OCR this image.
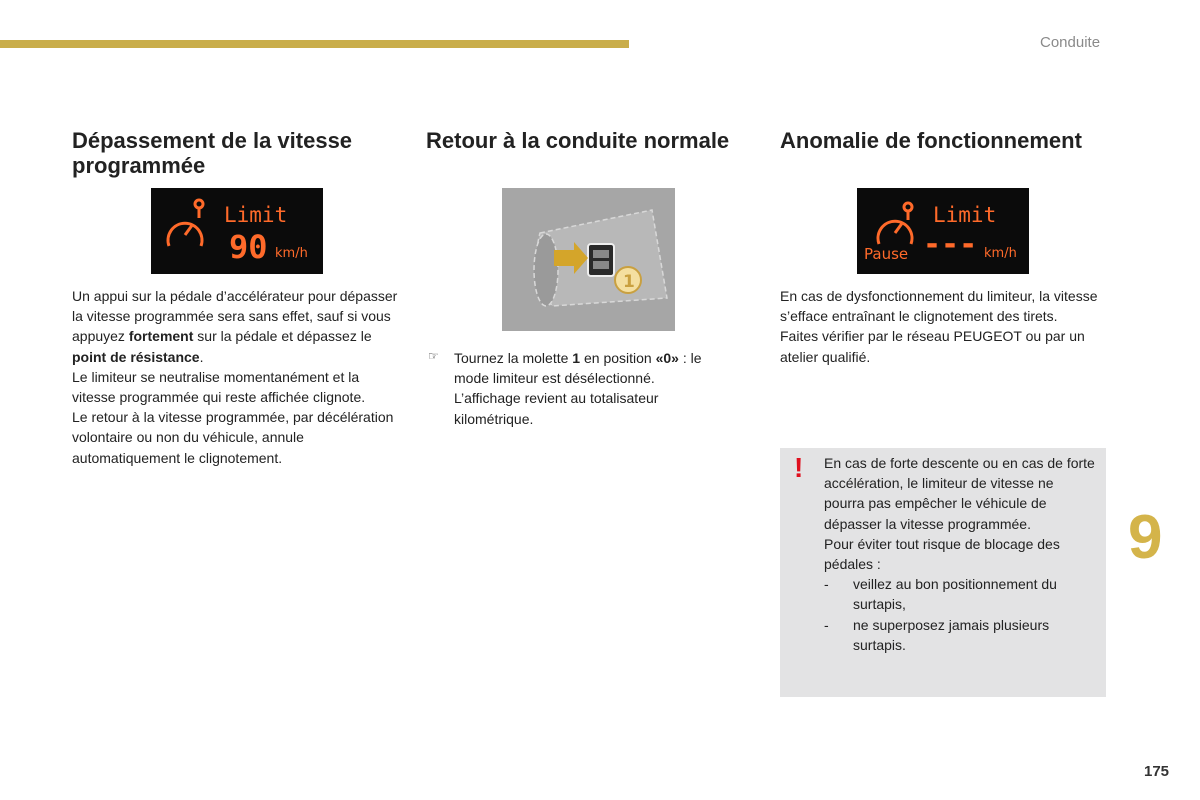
Conduite
Dépassement de la vitesse programmée
Limit
90 km/h

Un appui sur la pédale d’accélérateur pour dépasser la vitesse programmée sera sans effet, sauf si vous appuyez fortement sur la pédale et dépassez le point de résistance.

Le limiteur se neutralise momentanément et la vitesse programmée qui reste affichée clignote.

Le retour à la vitesse programmée, par décélération volontaire ou non du véhicule, annule automatiquement le clignotement.

Retour à la conduite normale
1
☞ Tournez la molette 1 en position «0» : le mode limiteur est désélectionné.

L’affichage revient au totalisateur kilométrique.

Anomalie de fonctionnement
Limit
Pause --- km/h

En cas de dysfonctionnement du limiteur, la vitesse s’efface entraînant le clignotement des tirets.

Faites vérifier par le réseau PEUGEOT ou par un atelier qualifié.

! En cas de forte descente ou en cas de forte accélération, le limiteur de vitesse ne pourra pas empêcher le véhicule de dépasser la vitesse programmée.

Pour éviter tout risque de blocage des pédales :

- veillez au bon positionnement du surtapis,
- ne superposez jamais plusieurs surtapis.
9
175
